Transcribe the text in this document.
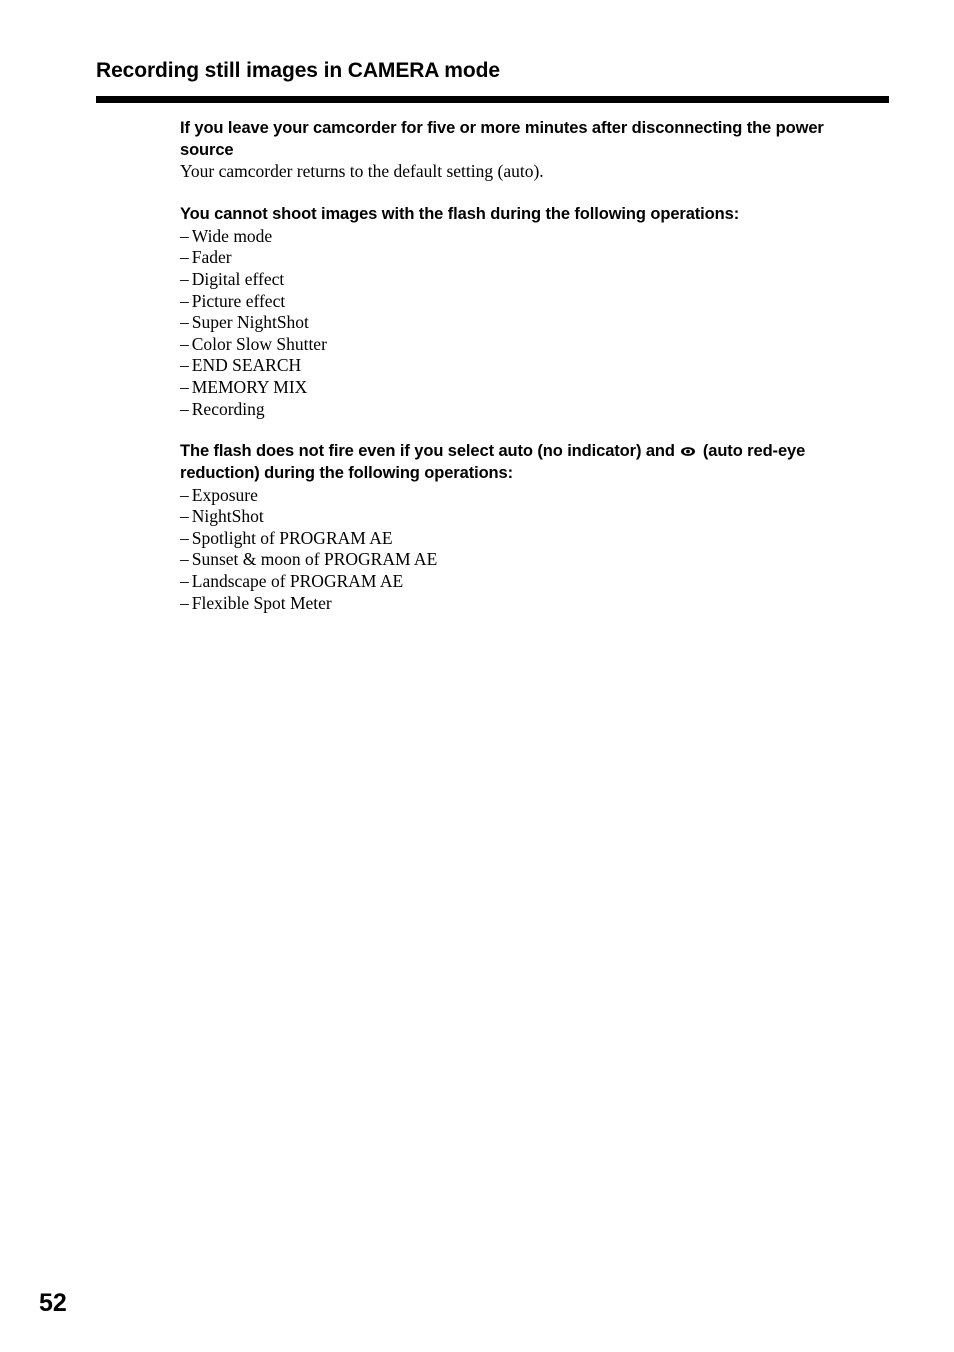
Recording still images in CAMERA mode

If you leave your camcorder for five or more minutes after disconnecting the power source

Your camcorder returns to the default setting (auto).

You cannot shoot images with the flash during the following operations:

– Wide mode
– Fader
– Digital effect
– Picture effect
– Super NightShot
– Color Slow Shutter
– END SEARCH
– MEMORY MIX
– Recording

The flash does not fire even if you select auto (no indicator) and (auto red-eye reduction) during the following operations:

– Exposure
– NightShot
– Spotlight of PROGRAM AE
– Sunset & moon of PROGRAM AE
– Landscape of PROGRAM AE
– Flexible Spot Meter

52
